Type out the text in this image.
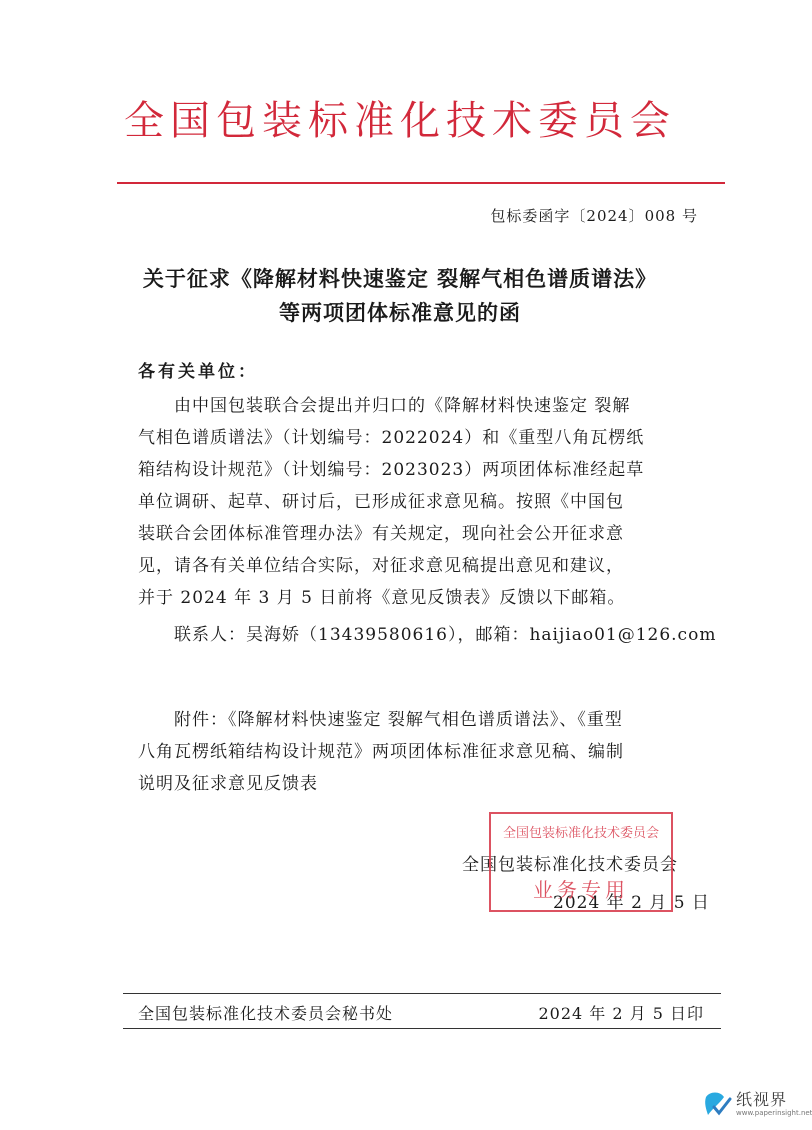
全国包装标准化技术委员会
包标委函字〔2024〕008 号
关于征求《降解材料快速鉴定 裂解气相色谱质谱法》
等两项团体标准意见的函
各有关单位：
由中国包装联合会提出并归口的《降解材料快速鉴定 裂解
气相色谱质谱法》（计划编号：2022024）和《重型八角瓦楞纸
箱结构设计规范》（计划编号：2023023）两项团体标准经起草
单位调研、起草、研讨后，已形成征求意见稿。按照《中国包
装联合会团体标准管理办法》有关规定，现向社会公开征求意
见，请各有关单位结合实际，对征求意见稿提出意见和建议，
并于 2024 年 3 月 5 日前将《意见反馈表》反馈以下邮箱。
联系人：吴海娇（13439580616），邮箱：haijiao01@126.com
附件：《降解材料快速鉴定 裂解气相色谱质谱法》、《重型
八角瓦楞纸箱结构设计规范》两项团体标准征求意见稿、编制
说明及征求意见反馈表
全国包装标准化技术委员会
2024 年 2 月 5 日
全国包装标准化技术委员会
业务专用
全国包装标准化技术委员会秘书处	2024 年 2 月 5 日印
纸视界
www.paperinsight.net
